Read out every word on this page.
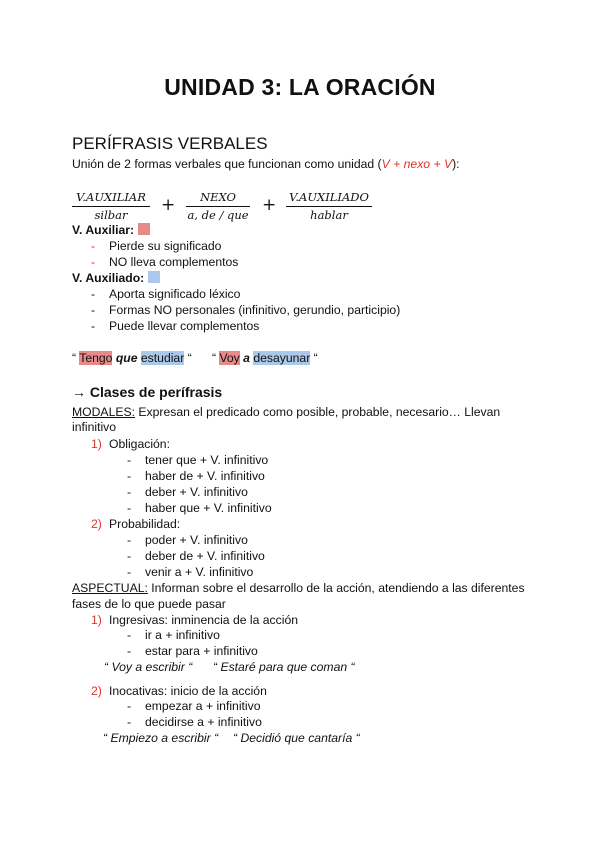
UNIDAD 3: LA ORACIÓN
PERÍFRASIS VERBALES
Unión de 2 formas verbales que funcionan como unidad (V + nexo + V):
V.AUXILIAR
silbar	+	NEXO
a, de / que + V.AUXILIADO
hablar
V. Auxiliar:
- Pierde su significado
- NO lleva complementos
V. Auxiliado:
- Aporta significado léxico
- Formas NO personales (infinitivo, gerundio, participio)
- Puede llevar complementos
“ Tengo que estudiar “ “ Voy a desayunar “
→ Clases de perífrasis
MODALES: Expresan el predicado como posible, probable, necesario… Llevan
infinitivo
1) Obligación:
- tener que + V. infinitivo
- haber de + V. infinitivo
- deber + V. infinitivo
- haber que + V. infinitivo
2) Probabilidad:
- poder + V. infinitivo
- deber de + V. infinitivo
- venir a + V. infinitivo
ASPECTUAL: Informan sobre el desarrollo de la acción, atendiendo a las diferentes
fases de lo que puede pasar
1) Ingresivas: inminencia de la acción
- ir a + infinitivo
- estar para + infinitivo
“ Voy a escribir “ “ Estaré para que coman “
2) Inocativas: inicio de la acción
- empezar a + infinitivo
- decidirse a + infinitivo
“ Empiezo a escribir “ “ Decidió que cantaría “
